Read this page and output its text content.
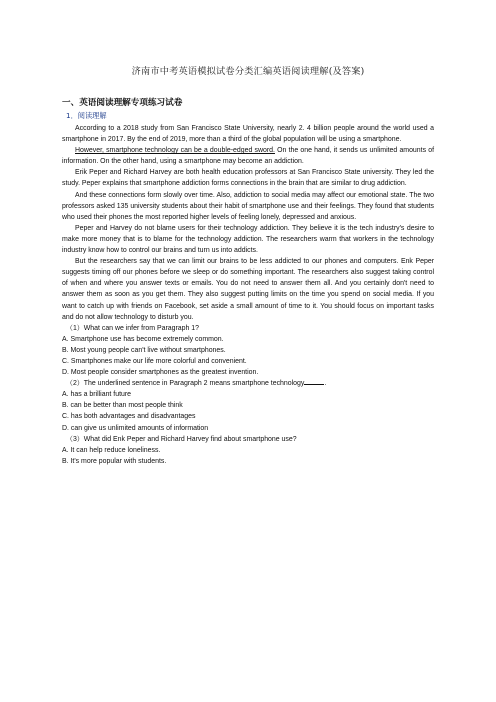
济南市中考英语模拟试卷分类汇编英语阅读理解(及答案)
一、英语阅读理解专项练习试卷
1．阅读理解

According to a 2018 study from San Francisco State University, nearly 2. 4 billion people around the world used a smartphone in 2017. By the end of 2019, more than a third of the global population will be using a smartphone.

However, smartphone technology can be a double-edged sword. On the one hand, it sends us unlimited amounts of information. On the other hand, using a smartphone may become an addiction.

Erik Peper and Richard Harvey are both health education professors at San Francisco State university. They led the study. Peper explains that smartphone addiction forms connections in the brain that are similar to drug addiction.

And these connections form slowly over time. Also, addiction to social media may affect our emotional state. The two professors asked 135 university students about their habit of smartphone use and their feelings. They found that students who used their phones the most reported higher levels of feeling lonely, depressed and anxious.

Peper and Harvey do not blame users for their technology addiction. They believe it is the tech industry's desire to make more money that is to blame for the technology addiction. The researchers warm that workers in the technology industry know how to control our brains and turn us into addicts.

But the researchers say that we can limit our brains to be less addicted to our phones and computers. Enk Peper suggests timing off our phones before we sleep or do something important. The researchers also suggest taking control of when and where you answer texts or emails. You do not need to answer them all. And you certainly don't need to answer them as soon as you get them. They also suggest putting limits on the time you spend on social media. If you want to catch up with friends on Facebook, set aside a small amount of time to it. You should focus on important tasks and do not allow technology to disturb you.

（1）What can we infer from Paragraph 1?

A. Smartphone use has become extremely common.

B. Most young people can't live without smartphones.

C. Smartphones make our life more colorful and convenient.

D. Most people consider smartphones as the greatest invention.

（2）The underlined sentence in Paragraph 2 means smartphone technology	.

A. has a brilliant future

B. can be better than most people think

C. has both advantages and disadvantages

D. can give us unlimited amounts of information

（3）What did Enk Peper and Richard Harvey find about smartphone use?

A. It can help reduce loneliness.

B. It's more popular with students.
